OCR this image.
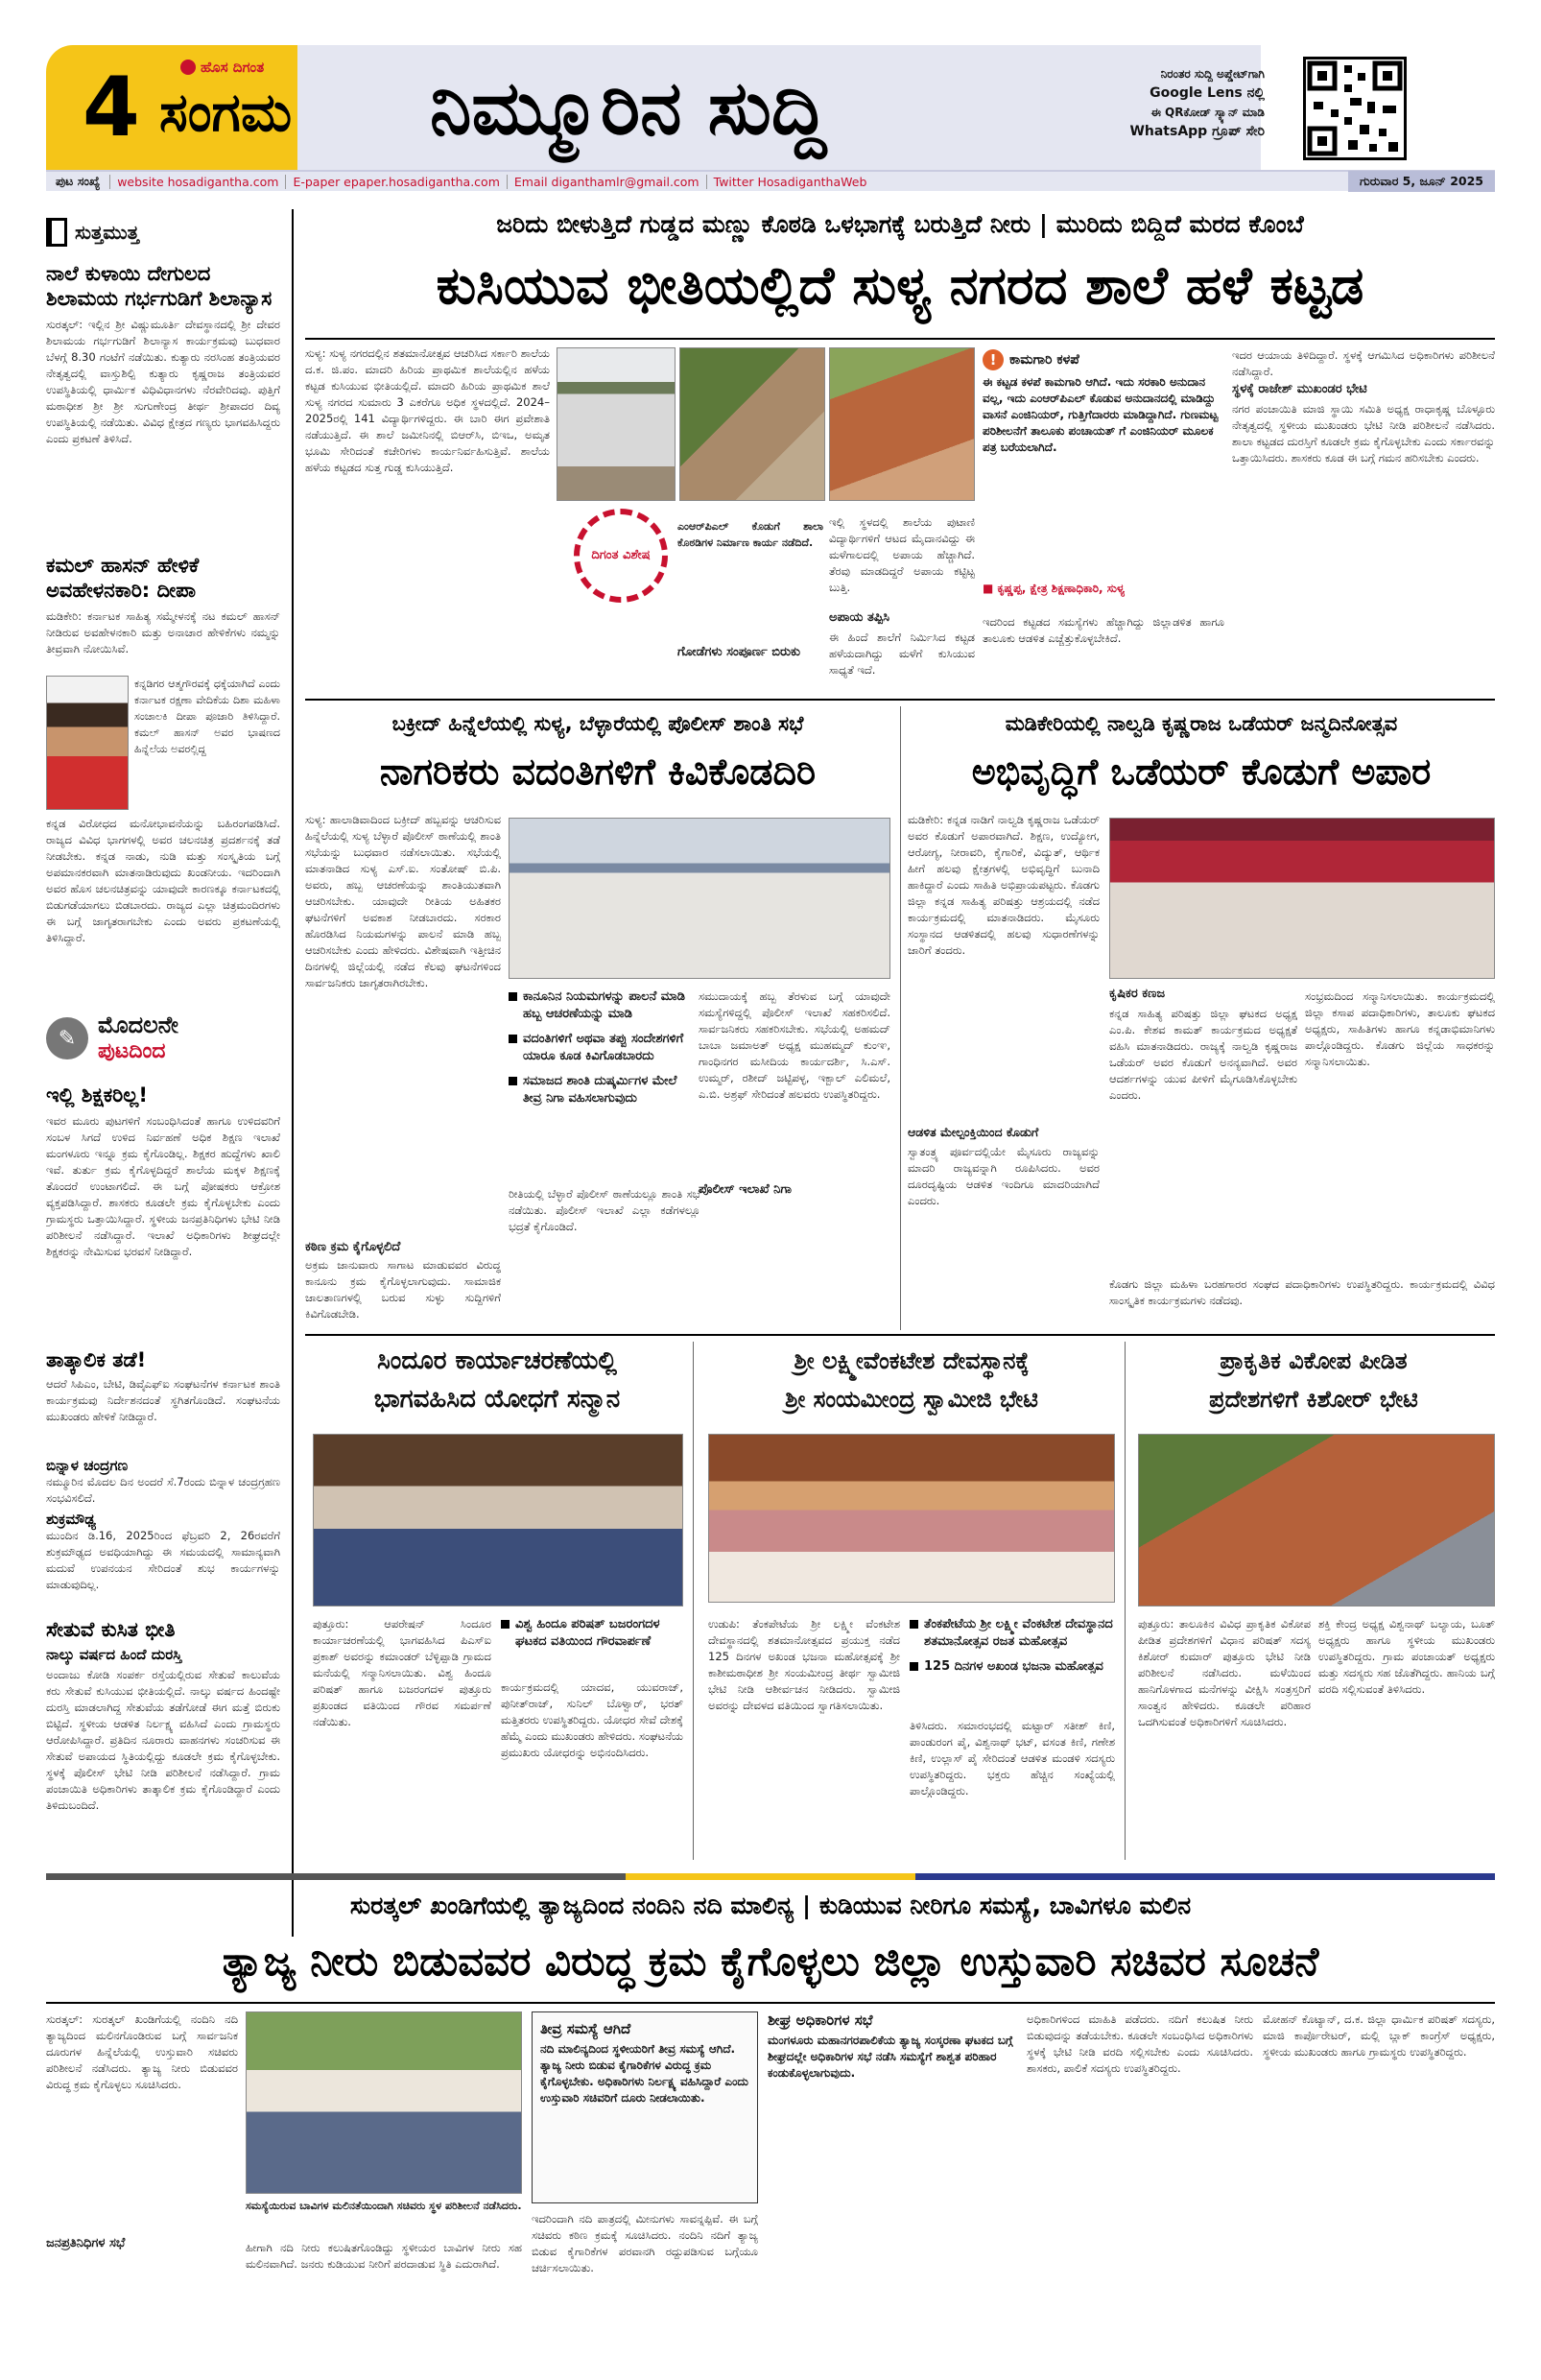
4	ಹೊಸ ದಿಗಂತ
ಸಂಗಮ ನಿಮ್ಮೂರಿನ ಸುದ್ದಿ	ನಿರಂತರ ಸುದ್ದಿ ಅಪ್ಡೇಟ್‌ಗಾಗಿ
Google Lens ನಲ್ಲಿ
ಈ QRಕೋಡ್ ಸ್ಕ್ಯಾನ್ ಮಾಡಿ
WhatsApp ಗ್ರೂಪ್ ಸೇರಿ
ಪುಟ ಸಂಖ್ಯೆ	website hosadigantha.com	E-paper epaper.hosadigantha.com	Email diganthamlr@gmail.com	Twitter HosadiganthaWeb	ಗುರುವಾರ 5, ಜೂನ್ 2025
ಸುತ್ತಮುತ್ತ
ನಾಲೆ ಕುಳಾಯಿ ದೇಗುಲದ ಶಿಲಾಮಯ ಗರ್ಭಗುಡಿಗೆ ಶಿಲಾನ್ಯಾಸ
ಸುರತ್ಕಲ್: ಇಲ್ಲಿನ ಶ್ರೀ ವಿಷ್ಣುಮೂರ್ತಿ ದೇವಸ್ಥಾನದಲ್ಲಿ ಶ್ರೀ ದೇವರ ಶಿಲಾಮಯ ಗರ್ಭಗುಡಿಗೆ ಶಿಲಾನ್ಯಾಸ ಕಾರ್ಯಕ್ರಮವು ಬುಧವಾರ ಬೆಳಗ್ಗೆ 8.30 ಗಂಟೆಗೆ ನಡೆಯಿತು. ಕುತ್ಯಾರು ನರಸಿಂಹ ತಂತ್ರಿಯವರ ನೇತೃತ್ವದಲ್ಲಿ ವಾಸ್ತುಶಿಲ್ಪಿ ಕುತ್ಯಾರು ಕೃಷ್ಣರಾಜ ತಂತ್ರಿಯವರ ಉಪಸ್ಥಿತಿಯಲ್ಲಿ ಧಾರ್ಮಿಕ ವಿಧಿವಿಧಾನಗಳು ನೆರವೇರಿದವು. ಪುತ್ತಿಗೆ ಮಠಾಧೀಶ ಶ್ರೀ ಶ್ರೀ ಸುಗುಣೇಂದ್ರ ತೀರ್ಥ ಶ್ರೀಪಾದರ ದಿವ್ಯ ಉಪಸ್ಥಿತಿಯಲ್ಲಿ ನಡೆಯಿತು. ವಿವಿಧ ಕ್ಷೇತ್ರದ ಗಣ್ಯರು ಭಾಗವಹಿಸಿದ್ದರು ಎಂದು ಪ್ರಕಟಣೆ ತಿಳಿಸಿದೆ.
ಕಮಲ್ ಹಾಸನ್ ಹೇಳಿಕೆ ಅವಹೇಳನಕಾರಿ: ದೀಪಾ
ಮಡಿಕೇರಿ: ಕರ್ನಾಟಕ ಸಾಹಿತ್ಯ ಸಮ್ಮೇಳನಕ್ಕೆ ನಟ ಕಮಲ್ ಹಾಸನ್ ನೀಡಿರುವ ಅವಹೇಳನಕಾರಿ ಮತ್ತು ಅನಾಚಾರ ಹೇಳಿಕೆಗಳು ನಮ್ಮನ್ನು ತೀವ್ರವಾಗಿ ನೋಯಿಸಿವೆ.
ಕನ್ನಡಿಗರ ಆತ್ಮಗೌರವಕ್ಕೆ ಧಕ್ಕೆಯಾಗಿದೆ ಎಂದು ಕರ್ನಾಟಕ ರಕ್ಷಣಾ ವೇದಿಕೆಯ ದಿಶಾ ಮಹಿಳಾ ಸಂಚಾಲಕಿ ದೀಪಾ ಪೂಜಾರಿ ತಿಳಿಸಿದ್ದಾರೆ. ಕಮಲ್ ಹಾಸನ್ ಅವರ ಭಾಷಣದ ಹಿನ್ನೆಲೆಯ ಅವರಲ್ಲಿದ್ದ
ಕನ್ನಡ ವಿರೋಧದ ಮನೋಭಾವನೆಯನ್ನು ಬಹಿರಂಗಪಡಿಸಿದೆ. ರಾಜ್ಯದ ವಿವಿಧ ಭಾಗಗಳಲ್ಲಿ ಅವರ ಚಲನಚಿತ್ರ ಪ್ರದರ್ಶನಕ್ಕೆ ತಡೆ ನೀಡಬೇಕು. ಕನ್ನಡ ನಾಡು, ನುಡಿ ಮತ್ತು ಸಂಸ್ಕೃತಿಯ ಬಗ್ಗೆ ಅಪಮಾನಕರವಾಗಿ ಮಾತನಾಡಿರುವುದು ಖಂಡನೀಯ. ಇದರಿಂದಾಗಿ ಅವರ ಹೊಸ ಚಲನಚಿತ್ರವನ್ನು ಯಾವುದೇ ಕಾರಣಕ್ಕೂ ಕರ್ನಾಟಕದಲ್ಲಿ ಬಿಡುಗಡೆಯಾಗಲು ಬಿಡಬಾರದು. ರಾಜ್ಯದ ಎಲ್ಲಾ ಚಿತ್ರಮಂದಿರಗಳು ಈ ಬಗ್ಗೆ ಜಾಗೃತರಾಗಬೇಕು ಎಂದು ಅವರು ಪ್ರಕಟಣೆಯಲ್ಲಿ ತಿಳಿಸಿದ್ದಾರೆ.
✎ ಮೊದಲನೇ
ಪುಟದಿಂದ
ಇಲ್ಲಿ ಶಿಕ್ಷಕರಿಲ್ಲ!
ಇವರ ಮೂರು ಪುಟಗಳಿಗೆ ಸಂಬಂಧಿಸಿದಂತೆ ಹಾಗೂ ಉಳಿದವರಿಗೆ ಸಂಬಳ ಸಿಗದೆ ಉಳಿದ ನಿರ್ವಹಣೆ ಅಧಿಕ ಶಿಕ್ಷಣ ಇಲಾಖೆ ಮಂಗಳೂರು ಇನ್ನೂ ಕ್ರಮ ಕೈಗೊಂಡಿಲ್ಲ. ಶಿಕ್ಷಕರ ಹುದ್ದೆಗಳು ಖಾಲಿ ಇವೆ. ತುರ್ತು ಕ್ರಮ ಕೈಗೊಳ್ಳದಿದ್ದರೆ ಶಾಲೆಯ ಮಕ್ಕಳ ಶಿಕ್ಷಣಕ್ಕೆ ತೊಂದರೆ ಉಂಟಾಗಲಿದೆ. ಈ ಬಗ್ಗೆ ಪೋಷಕರು ಆಕ್ರೋಶ ವ್ಯಕ್ತಪಡಿಸಿದ್ದಾರೆ. ಶಾಸಕರು ಕೂಡಲೇ ಕ್ರಮ ಕೈಗೊಳ್ಳಬೇಕು ಎಂದು ಗ್ರಾಮಸ್ಥರು ಒತ್ತಾಯಿಸಿದ್ದಾರೆ. ಸ್ಥಳೀಯ ಜನಪ್ರತಿನಿಧಿಗಳು ಭೇಟಿ ನೀಡಿ ಪರಿಶೀಲನೆ ನಡೆಸಿದ್ದಾರೆ. ಇಲಾಖೆ ಅಧಿಕಾರಿಗಳು ಶೀಘ್ರದಲ್ಲೇ ಶಿಕ್ಷಕರನ್ನು ನೇಮಿಸುವ ಭರವಸೆ ನೀಡಿದ್ದಾರೆ.
ತಾತ್ಕಾಲಿಕ ತಡೆ!
ಆದರೆ ಸಿಪಿಎಂ, ಬೇಟಿ, ಡಿವೈಎಫ್ಐ ಸಂಘಟನೆಗಳ ಕರ್ನಾಟಕ ಶಾಂತಿ ಕಾರ್ಯಕ್ರಮವು ನಿರ್ದೇಶನದಂತೆ ಸ್ಥಗಿತಗೊಂಡಿದೆ. ಸಂಘಟನೆಯ ಮುಖಂಡರು ಹೇಳಿಕೆ ನೀಡಿದ್ದಾರೆ.
ಬಿನ್ನಾಳ ಚಂದ್ರಗಣ
ನಮ್ಮೂರಿನ ಮೊದಲ ದಿನ ಅಂದರೆ ಸೆ.7ರಂದು ಬಿನ್ನಾಳ ಚಂದ್ರಗ್ರಹಣ ಸಂಭವಿಸಲಿದೆ.
ಶುಕ್ರಮೌಢ್ಯ
ಮುಂದಿನ ಡಿ.16, 2025ರಿಂದ ಫೆಬ್ರವರಿ 2, 26ರವರೆಗೆ ಶುಕ್ರಮೌಢ್ಯದ ಅವಧಿಯಾಗಿದ್ದು ಈ ಸಮಯದಲ್ಲಿ ಸಾಮಾನ್ಯವಾಗಿ ಮದುವೆ ಉಪನಯನ ಸೇರಿದಂತೆ ಶುಭ ಕಾರ್ಯಗಳನ್ನು ಮಾಡುವುದಿಲ್ಲ.
ಸೇತುವೆ ಕುಸಿತ ಭೀತಿ
ನಾಲ್ಕು ವರ್ಷದ ಹಿಂದೆ ದುರಸ್ತಿ
ಅಂದಾಜು ಕೋಡಿ ಸಂಪರ್ಕ ರಸ್ತೆಯಲ್ಲಿರುವ ಸೇತುವೆ ಕಾಲುವೆಯ ಕರು ಸೇತುವೆ ಕುಸಿಯುವ ಭೀತಿಯಲ್ಲಿದೆ. ನಾಲ್ಕು ವರ್ಷದ ಹಿಂದಷ್ಟೇ ದುರಸ್ತಿ ಮಾಡಲಾಗಿದ್ದ ಸೇತುವೆಯ ತಡೆಗೋಡೆ ಈಗ ಮತ್ತೆ ಬಿರುಕು ಬಿಟ್ಟಿದೆ. ಸ್ಥಳೀಯ ಆಡಳಿತ ನಿರ್ಲಕ್ಷ್ಯ ವಹಿಸಿದೆ ಎಂದು ಗ್ರಾಮಸ್ಥರು ಆರೋಪಿಸಿದ್ದಾರೆ. ಪ್ರತಿದಿನ ನೂರಾರು ವಾಹನಗಳು ಸಂಚರಿಸುವ ಈ ಸೇತುವೆ ಅಪಾಯದ ಸ್ಥಿತಿಯಲ್ಲಿದ್ದು ಕೂಡಲೇ ಕ್ರಮ ಕೈಗೊಳ್ಳಬೇಕು. ಸ್ಥಳಕ್ಕೆ ಪೊಲೀಸ್ ಭೇಟಿ ನೀಡಿ ಪರಿಶೀಲನೆ ನಡೆಸಿದ್ದಾರೆ. ಗ್ರಾಮ ಪಂಚಾಯಿತಿ ಅಧಿಕಾರಿಗಳು ತಾತ್ಕಾಲಿಕ ಕ್ರಮ ಕೈಗೊಂಡಿದ್ದಾರೆ ಎಂದು ತಿಳಿದುಬಂದಿದೆ.
ಜರಿದು ಬೀಳುತ್ತಿದೆ ಗುಡ್ಡದ ಮಣ್ಣು ಕೊಠಡಿ ಒಳಭಾಗಕ್ಕೆ ಬರುತ್ತಿದೆ ನೀರು | ಮುರಿದು ಬಿದ್ದಿದೆ ಮರದ ಕೊಂಬೆ
ಕುಸಿಯುವ ಭೀತಿಯಲ್ಲಿದೆ ಸುಳ್ಯ ನಗರದ ಶಾಲೆ ಹಳೆ ಕಟ್ಟಡ
ಸುಳ್ಯ: ಸುಳ್ಯ ನಗರದಲ್ಲಿನ ಶತಮಾನೋತ್ಸವ ಆಚರಿಸಿದ ಸರ್ಕಾರಿ ಶಾಲೆಯ ದ.ಕ. ಜಿ.ಪಂ. ಮಾದರಿ ಹಿರಿಯ ಪ್ರಾಥಮಿಕ ಶಾಲೆಯಲ್ಲಿನ ಹಳೆಯ ಕಟ್ಟಡ ಕುಸಿಯುವ ಭೀತಿಯಲ್ಲಿದೆ. ಮಾದರಿ ಹಿರಿಯ ಪ್ರಾಥಮಿಕ ಶಾಲೆ ಸುಳ್ಯ ನಗರದ ಸುಮಾರು 3 ಎಕರೆಗೂ ಅಧಿಕ ಸ್ಥಳದಲ್ಲಿದೆ. 2024–2025ರಲ್ಲಿ 141 ವಿದ್ಯಾರ್ಥಿಗಳಿದ್ದರು. ಈ ಬಾರಿ ಈಗ ಪ್ರವೇಶಾತಿ ನಡೆಯುತ್ತಿದೆ. ಈ ಶಾಲೆ ಜಮೀನಿನಲ್ಲಿ ಬಿಆರ್‌ಸಿ, ಬಿಇಒ, ಅಮೃತ ಭೂಮಿ ಸೇರಿದಂತೆ ಕಚೇರಿಗಳು ಕಾರ್ಯನಿರ್ವಹಿಸುತ್ತಿವೆ. ಶಾಲೆಯ ಹಳೆಯ ಕಟ್ಟಡದ ಸುತ್ತ ಗುಡ್ಡ ಕುಸಿಯುತ್ತಿದೆ.
ದಿಗಂತ ವಿಶೇಷ
ಎಂಆರ್‌ಪಿಎಲ್ ಕೊಡುಗೆ ಶಾಲಾ ಕೊಠಡಿಗಳ ನಿರ್ಮಾಣ ಕಾರ್ಯ ನಡೆದಿದೆ.
ಇಲ್ಲಿ ಸ್ಥಳದಲ್ಲಿ ಶಾಲೆಯ ಪುಟಾಣಿ ವಿದ್ಯಾರ್ಥಿಗಳಿಗೆ ಆಟದ ಮೈದಾನವಿದ್ದು ಈ ಮಳೆಗಾಲದಲ್ಲಿ ಅಪಾಯ ಹೆಚ್ಚಾಗಿದೆ. ತೆರವು ಮಾಡದಿದ್ದರೆ ಅಪಾಯ ಕಟ್ಟಿಟ್ಟ ಬುತ್ತಿ.
ಗೋಡೆಗಳು ಸಂಪೂರ್ಣ ಬಿರುಕು
ಅಪಾಯ ತಪ್ಪಿಸಿ
ಈ ಹಿಂದೆ ಶಾಲೆಗೆ ನಿರ್ಮಿಸಿದ ಕಟ್ಟಡ ಹಳೆಯದಾಗಿದ್ದು ಮಳೆಗೆ ಕುಸಿಯುವ ಸಾಧ್ಯತೆ ಇದೆ.
! ಕಾಮಗಾರಿ ಕಳಪೆ
ಈ ಕಟ್ಟಡ ಕಳಪೆ ಕಾಮಗಾರಿ ಆಗಿದೆ. ಇದು ಸರಕಾರಿ ಅನುದಾನ ವಲ್ಲ, ಇದು ಎಂಆರ್‌ಪಿಎಲ್ ಕೊಡುವ ಅನುದಾನದಲ್ಲಿ ಮಾಡಿದ್ದು ವಾಸನೆ ಎಂಜಿನಿಯರ್, ಗುತ್ತಿಗೆದಾರರು ಮಾಡಿದ್ದಾಗಿದೆ. ಗುಣಮಟ್ಟ ಪರಿಶೀಲನೆಗೆ ತಾಲೂಕು ಪಂಚಾಯತ್ ಗೆ ಎಂಜಿನಿಯರ್ ಮೂಲಕ ಪತ್ರ ಬರೆಯಲಾಗಿದೆ.
■ ಕೃಷ್ಣಪ್ಪ, ಕ್ಷೇತ್ರ ಶಿಕ್ಷಣಾಧಿಕಾರಿ, ಸುಳ್ಯ
ಇದರಿಂದ ಕಟ್ಟಡದ ಸಮಸ್ಯೆಗಳು ಹೆಚ್ಚಾಗಿದ್ದು ಜಿಲ್ಲಾಡಳಿತ ಹಾಗೂ ತಾಲೂಕು ಆಡಳಿತ ಎಚ್ಚೆತ್ತುಕೊಳ್ಳಬೇಕಿದೆ.
ಇದರ ಆಯಾಯ ತಿಳಿದಿದ್ದಾರೆ. ಸ್ಥಳಕ್ಕೆ ಆಗಮಿಸಿದ ಅಧಿಕಾರಿಗಳು ಪರಿಶೀಲನೆ ನಡೆಸಿದ್ದಾರೆ.
ಸ್ಥಳಕ್ಕೆ ರಾಜೇಶ್ ಮುಖಂಡರ ಭೇಟಿ
ನಗರ ಪಂಚಾಯಿತಿ ಮಾಜಿ ಸ್ಥಾಯಿ ಸಮಿತಿ ಅಧ್ಯಕ್ಷ ರಾಧಾಕೃಷ್ಣ ಬೊಳ್ಳೂರು ನೇತೃತ್ವದಲ್ಲಿ ಸ್ಥಳೀಯ ಮುಖಂಡರು ಭೇಟಿ ನೀಡಿ ಪರಿಶೀಲನೆ ನಡೆಸಿದರು. ಶಾಲಾ ಕಟ್ಟಡದ ದುರಸ್ತಿಗೆ ಕೂಡಲೇ ಕ್ರಮ ಕೈಗೊಳ್ಳಬೇಕು ಎಂದು ಸರ್ಕಾರವನ್ನು ಒತ್ತಾಯಿಸಿದರು. ಶಾಸಕರು ಕೂಡ ಈ ಬಗ್ಗೆ ಗಮನ ಹರಿಸಬೇಕು ಎಂದರು.
ಬಕ್ರೀದ್ ಹಿನ್ನೆಲೆಯಲ್ಲಿ ಸುಳ್ಯ, ಬೆಳ್ಳಾರೆಯಲ್ಲಿ ಪೊಲೀಸ್ ಶಾಂತಿ ಸಭೆ
ನಾಗರಿಕರು ವದಂತಿಗಳಿಗೆ ಕಿವಿಕೊಡದಿರಿ
ಸುಳ್ಯ: ಹಾಲಾಡಿವಾದಿಂದ ಬಕ್ರೀದ್ ಹಬ್ಬವನ್ನು ಆಚರಿಸುವ ಹಿನ್ನೆಲೆಯಲ್ಲಿ ಸುಳ್ಯ ಬೆಳ್ಳಾರೆ ಪೊಲೀಸ್ ಠಾಣೆಯಲ್ಲಿ ಶಾಂತಿ ಸಭೆಯನ್ನು ಬುಧವಾರ ನಡೆಸಲಾಯಿತು. ಸಭೆಯಲ್ಲಿ ಮಾತನಾಡಿದ ಸುಳ್ಯ ಎಸ್.ಐ. ಸಂತೋಷ್ ಬಿ.ಪಿ. ಅವರು, ಹಬ್ಬ ಆಚರಣೆಯನ್ನು ಶಾಂತಿಯುತವಾಗಿ ಆಚರಿಸಬೇಕು. ಯಾವುದೇ ರೀತಿಯ ಅಹಿತಕರ ಘಟನೆಗಳಿಗೆ ಅವಕಾಶ ನೀಡಬಾರದು. ಸರಕಾರ ಹೊರಡಿಸಿದ ನಿಯಮಗಳನ್ನು ಪಾಲನೆ ಮಾಡಿ ಹಬ್ಬ ಆಚರಿಸಬೇಕು ಎಂದು ಹೇಳಿದರು. ವಿಶೇಷವಾಗಿ ಇತ್ತೀಚಿನ ದಿನಗಳಲ್ಲಿ ಜಿಲ್ಲೆಯಲ್ಲಿ ನಡೆದ ಕೆಲವು ಘಟನೆಗಳಿಂದ ಸಾರ್ವಜನಿಕರು ಜಾಗೃತರಾಗಿರಬೇಕು.
ಕಾನೂನಿನ ನಿಯಮಗಳನ್ನು ಪಾಲನೆ ಮಾಡಿ ಹಬ್ಬ ಆಚರಣೆಯನ್ನು ಮಾಡಿ
ವದಂತಿಗಳಿಗೆ ಅಥವಾ ತಪ್ಪು ಸಂದೇಶಗಳಿಗೆ ಯಾರೂ ಕೂಡ ಕಿವಿಗೊಡಬಾರದು
ಸಮಾಜದ ಶಾಂತಿ ದುಷ್ಕರ್ಮಿಗಳ ಮೇಲೆ ತೀವ್ರ ನಿಗಾ ವಹಿಸಲಾಗುವುದು
ಸಮುದಾಯಕ್ಕೆ ಹಬ್ಬ ತೆರಳುವ ಬಗ್ಗೆ ಯಾವುದೇ ಸಮಸ್ಯೆಗಳಿದ್ದಲ್ಲಿ ಪೊಲೀಸ್ ಇಲಾಖೆ ಸಹಕರಿಸಲಿದೆ. ಸಾರ್ವಜನಿಕರು ಸಹಕರಿಸಬೇಕು. ಸಭೆಯಲ್ಲಿ ಅಹಮದ್ ಬಾಬಾ ಜಮಾಅತ್ ಅಧ್ಯಕ್ಷ ಮುಹಮ್ಮದ್ ಕುಂಞ, ಗಾಂಧಿನಗರ ಮಸೀದಿಯ ಕಾರ್ಯದರ್ಶಿ, ಸಿ.ಎಸ್. ಉಮ್ಮರ್, ರಶೀದ್ ಜಟ್ಟಿಪಳ್ಳ, ಇಕ್ಬಾಲ್ ಎಲಿಮಲೆ, ಎ.ಬಿ. ಅಶ್ರಫ್ ಸೇರಿದಂತೆ ಹಲವರು ಉಪಸ್ಥಿತರಿದ್ದರು.
ರೀತಿಯಲ್ಲಿ ಬೆಳ್ಳಾರೆ ಪೊಲೀಸ್ ಠಾಣೆಯಲ್ಲೂ ಶಾಂತಿ ಸಭೆ ನಡೆಯಿತು. ಪೊಲೀಸ್ ಇಲಾಖೆ ಎಲ್ಲಾ ಕಡೆಗಳಲ್ಲೂ ಭದ್ರತೆ ಕೈಗೊಂಡಿದೆ.
ಕಠಿಣ ಕ್ರಮ ಕೈಗೊಳ್ಳಲಿದೆ
ಅಕ್ರಮ ಜಾನುವಾರು ಸಾಗಾಟ ಮಾಡುವವರ ವಿರುದ್ಧ ಕಾನೂನು ಕ್ರಮ ಕೈಗೊಳ್ಳಲಾಗುವುದು. ಸಾಮಾಜಿಕ ಜಾಲತಾಣಗಳಲ್ಲಿ ಬರುವ ಸುಳ್ಳು ಸುದ್ದಿಗಳಿಗೆ ಕಿವಿಗೊಡಬೇಡಿ.
ಪೊಲೀಸ್ ಇಲಾಖೆ ನಿಗಾ
ಮಡಿಕೇರಿಯಲ್ಲಿ ನಾಲ್ವಡಿ ಕೃಷ್ಣರಾಜ ಒಡೆಯರ್ ಜನ್ಮದಿನೋತ್ಸವ
ಅಭಿವೃದ್ಧಿಗೆ ಒಡೆಯರ್ ಕೊಡುಗೆ ಅಪಾರ
ಮಡಿಕೇರಿ: ಕನ್ನಡ ನಾಡಿಗೆ ನಾಲ್ವಡಿ ಕೃಷ್ಣರಾಜ ಒಡೆಯರ್ ಅವರ ಕೊಡುಗೆ ಅಪಾರವಾಗಿದೆ. ಶಿಕ್ಷಣ, ಉದ್ಯೋಗ, ಆರೋಗ್ಯ, ನೀರಾವರಿ, ಕೈಗಾರಿಕೆ, ವಿದ್ಯುತ್, ಆರ್ಥಿಕ ಹೀಗೆ ಹಲವು ಕ್ಷೇತ್ರಗಳಲ್ಲಿ ಅಭಿವೃದ್ಧಿಗೆ ಬುನಾದಿ ಹಾಕಿದ್ದಾರೆ ಎಂದು ಸಾಹಿತಿ ಅಭಿಪ್ರಾಯಪಟ್ಟರು. ಕೊಡಗು ಜಿಲ್ಲಾ ಕನ್ನಡ ಸಾಹಿತ್ಯ ಪರಿಷತ್ತು ಆಶ್ರಯದಲ್ಲಿ ನಡೆದ ಕಾರ್ಯಕ್ರಮದಲ್ಲಿ ಮಾತನಾಡಿದರು. ಮೈಸೂರು ಸಂಸ್ಥಾನದ ಆಡಳಿತದಲ್ಲಿ ಹಲವು ಸುಧಾರಣೆಗಳನ್ನು ಜಾರಿಗೆ ತಂದರು.
ಆಡಳಿತ ಮೇಲ್ಪಂಕ್ತಿಯಿಂದ ಕೊಡುಗೆ
ಸ್ವಾತಂತ್ರ್ಯ ಪೂರ್ವದಲ್ಲಿಯೇ ಮೈಸೂರು ರಾಜ್ಯವನ್ನು ಮಾದರಿ ರಾಜ್ಯವನ್ನಾಗಿ ರೂಪಿಸಿದರು. ಅವರ ದೂರದೃಷ್ಟಿಯ ಆಡಳಿತ ಇಂದಿಗೂ ಮಾದರಿಯಾಗಿದೆ ಎಂದರು.
ಕೃಷಿಕರ ಕಣಜ
ಕನ್ನಡ ಸಾಹಿತ್ಯ ಪರಿಷತ್ತು ಜಿಲ್ಲಾ ಘಟಕದ ಅಧ್ಯಕ್ಷ ಎಂ.ಪಿ. ಕೇಶವ ಕಾಮತ್ ಕಾರ್ಯಕ್ರಮದ ಅಧ್ಯಕ್ಷತೆ ವಹಿಸಿ ಮಾತನಾಡಿದರು. ರಾಜ್ಯಕ್ಕೆ ನಾಲ್ವಡಿ ಕೃಷ್ಣರಾಜ ಒಡೆಯರ್ ಅವರ ಕೊಡುಗೆ ಅನನ್ಯವಾಗಿದೆ. ಅವರ ಆದರ್ಶಗಳನ್ನು ಯುವ ಪೀಳಿಗೆ ಮೈಗೂಡಿಸಿಕೊಳ್ಳಬೇಕು ಎಂದರು.
ಸಂಭ್ರಮದಿಂದ ಸನ್ಮಾನಿಸಲಾಯಿತು. ಕಾರ್ಯಕ್ರಮದಲ್ಲಿ ಜಿಲ್ಲಾ ಕಸಾಪ ಪದಾಧಿಕಾರಿಗಳು, ತಾಲೂಕು ಘಟಕದ ಅಧ್ಯಕ್ಷರು, ಸಾಹಿತಿಗಳು ಹಾಗೂ ಕನ್ನಡಾಭಿಮಾನಿಗಳು ಪಾಲ್ಗೊಂಡಿದ್ದರು. ಕೊಡಗು ಜಿಲ್ಲೆಯ ಸಾಧಕರನ್ನು ಸನ್ಮಾನಿಸಲಾಯಿತು.
ಕೊಡಗು ಜಿಲ್ಲಾ ಮಹಿಳಾ ಬರಹಗಾರರ ಸಂಘದ ಪದಾಧಿಕಾರಿಗಳು ಉಪಸ್ಥಿತರಿದ್ದರು. ಕಾರ್ಯಕ್ರಮದಲ್ಲಿ ವಿವಿಧ ಸಾಂಸ್ಕೃತಿಕ ಕಾರ್ಯಕ್ರಮಗಳು ನಡೆದವು.
ಸಿಂದೂರ ಕಾರ್ಯಾಚರಣೆಯಲ್ಲಿ
ಭಾಗವಹಿಸಿದ ಯೋಧಗೆ ಸನ್ಮಾನ
ಪುತ್ತೂರು: ಆಪರೇಷನ್ ಸಿಂದೂರ ಕಾರ್ಯಾಚರಣೆಯಲ್ಲಿ ಭಾಗವಹಿಸಿದ ಪಿಎಸ್ಐ ಪ್ರಕಾಶ್ ಅವರನ್ನು ಕಮಾಂಡರ್ ಬೆಳ್ಳಿಪ್ಪಾಡಿ ಗ್ರಾಮದ ಮನೆಯಲ್ಲಿ ಸನ್ಮಾನಿಸಲಾಯಿತು. ವಿಶ್ವ ಹಿಂದೂ ಪರಿಷತ್ ಹಾಗೂ ಬಜರಂಗದಳ ಪುತ್ತೂರು ಪ್ರಖಂಡದ ವತಿಯಿಂದ ಗೌರವ ಸಮರ್ಪಣೆ ನಡೆಯಿತು.
ವಿಶ್ವ ಹಿಂದೂ ಪರಿಷತ್ ಬಜರಂಗದಳ ಘಟಕದ ವತಿಯಿಂದ ಗೌರವಾರ್ಪಣೆ
ಕಾರ್ಯಕ್ರಮದಲ್ಲಿ ಯಾದವ, ಯುವರಾಜ್, ಪುನೀತ್‌ರಾಜ್, ಸುನಿಲ್ ಬೊಳ್ವಾರ್, ಭರತ್ ಮತ್ತಿತರರು ಉಪಸ್ಥಿತರಿದ್ದರು. ಯೋಧರ ಸೇವೆ ದೇಶಕ್ಕೆ ಹೆಮ್ಮೆ ಎಂದು ಮುಖಂಡರು ಹೇಳಿದರು. ಸಂಘಟನೆಯ ಪ್ರಮುಖರು ಯೋಧರನ್ನು ಅಭಿನಂದಿಸಿದರು.
ಶ್ರೀ ಲಕ್ಷ್ಮೀವೆಂಕಟೇಶ ದೇವಸ್ಥಾನಕ್ಕೆ
ಶ್ರೀ ಸಂಯಮೀಂದ್ರ ಸ್ವಾಮೀಜಿ ಭೇಟಿ
ಉಡುಪಿ: ತೆಂಕಪೇಟೆಯ ಶ್ರೀ ಲಕ್ಷ್ಮೀ ವೆಂಕಟೇಶ ದೇವಸ್ಥಾನದಲ್ಲಿ ಶತಮಾನೋತ್ಸವದ ಪ್ರಯುಕ್ತ ನಡೆದ 125 ದಿನಗಳ ಅಖಂಡ ಭಜನಾ ಮಹೋತ್ಸವಕ್ಕೆ ಶ್ರೀ ಕಾಶೀಮಠಾಧೀಶ ಶ್ರೀ ಸಂಯಮೀಂದ್ರ ತೀರ್ಥ ಸ್ವಾಮೀಜಿ ಭೇಟಿ ನೀಡಿ ಆಶೀರ್ವಚನ ನೀಡಿದರು. ಸ್ವಾಮೀಜಿ ಅವರನ್ನು ದೇವಳದ ವತಿಯಿಂದ ಸ್ವಾಗತಿಸಲಾಯಿತು.
ತೆಂಕಪೇಟೆಯ ಶ್ರೀ ಲಕ್ಷ್ಮೀ ವೆಂಕಟೇಶ ದೇವಸ್ಥಾನದ ಶತಮಾನೋತ್ಸವ ರಜತ ಮಹೋತ್ಸವ
125 ದಿನಗಳ ಅಖಂಡ ಭಜನಾ ಮಹೋತ್ಸವ
ತಿಳಿಸಿದರು. ಸಮಾರಂಭದಲ್ಲಿ ಮಟ್ಟಾರ್ ಸತೀಶ್ ಕಿಣಿ, ಪಾಂಡುರಂಗ ಪೈ, ವಿಶ್ವನಾಥ್ ಭಟ್, ವಸಂತ ಕಿಣಿ, ಗಣೇಶ ಕಿಣಿ, ಉಲ್ಲಾಸ್ ಪೈ ಸೇರಿದಂತೆ ಆಡಳಿತ ಮಂಡಳಿ ಸದಸ್ಯರು ಉಪಸ್ಥಿತರಿದ್ದರು. ಭಕ್ತರು ಹೆಚ್ಚಿನ ಸಂಖ್ಯೆಯಲ್ಲಿ ಪಾಲ್ಗೊಂಡಿದ್ದರು.
ಪ್ರಾಕೃತಿಕ ವಿಕೋಪ ಪೀಡಿತ
ಪ್ರದೇಶಗಳಿಗೆ ಕಿಶೋರ್ ಭೇಟಿ
ಪುತ್ತೂರು: ತಾಲೂಕಿನ ವಿವಿಧ ಪ್ರಾಕೃತಿಕ ವಿಕೋಪ ಪೀಡಿತ ಪ್ರದೇಶಗಳಿಗೆ ವಿಧಾನ ಪರಿಷತ್ ಸದಸ್ಯ ಕಿಶೋರ್ ಕುಮಾರ್ ಪುತ್ತೂರು ಭೇಟಿ ನೀಡಿ ಪರಿಶೀಲನೆ ನಡೆಸಿದರು. ಮಳೆಯಿಂದ ಹಾನಿಗೊಳಗಾದ ಮನೆಗಳನ್ನು ವೀಕ್ಷಿಸಿ ಸಂತ್ರಸ್ತರಿಗೆ ಸಾಂತ್ವನ ಹೇಳಿದರು. ಕೂಡಲೇ ಪರಿಹಾರ ಒದಗಿಸುವಂತೆ ಅಧಿಕಾರಿಗಳಿಗೆ ಸೂಚಿಸಿದರು.
ಶಕ್ತಿ ಕೇಂದ್ರ ಅಧ್ಯಕ್ಷ ವಿಶ್ವನಾಥ್ ಬಲ್ಯಾಯ, ಬೂತ್ ಅಧ್ಯಕ್ಷರು ಹಾಗೂ ಸ್ಥಳೀಯ ಮುಖಂಡರು ಉಪಸ್ಥಿತರಿದ್ದರು. ಗ್ರಾಮ ಪಂಚಾಯತ್ ಅಧ್ಯಕ್ಷರು ಮತ್ತು ಸದಸ್ಯರು ಸಹ ಜೊತೆಗಿದ್ದರು. ಹಾನಿಯ ಬಗ್ಗೆ ವರದಿ ಸಲ್ಲಿಸುವಂತೆ ತಿಳಿಸಿದರು.
ಸುರತ್ಕಲ್ ಖಂಡಿಗೆಯಲ್ಲಿ ತ್ಯಾಜ್ಯದಿಂದ ನಂದಿನಿ ನದಿ ಮಾಲಿನ್ಯ | ಕುಡಿಯುವ ನೀರಿಗೂ ಸಮಸ್ಯೆ, ಬಾವಿಗಳೂ ಮಲಿನ
ತ್ಯಾಜ್ಯ ನೀರು ಬಿಡುವವರ ವಿರುದ್ಧ ಕ್ರಮ ಕೈಗೊಳ್ಳಲು ಜಿಲ್ಲಾ ಉಸ್ತುವಾರಿ ಸಚಿವರ ಸೂಚನೆ
ಸುರತ್ಕಲ್: ಸುರತ್ಕಲ್ ಖಂಡಿಗೆಯಲ್ಲಿ ನಂದಿನಿ ನದಿ ತ್ಯಾಜ್ಯದಿಂದ ಮಲಿನಗೊಂಡಿರುವ ಬಗ್ಗೆ ಸಾರ್ವಜನಿಕ ದೂರುಗಳ ಹಿನ್ನೆಲೆಯಲ್ಲಿ ಉಸ್ತುವಾರಿ ಸಚಿವರು ಪರಿಶೀಲನೆ ನಡೆಸಿದರು. ತ್ಯಾಜ್ಯ ನೀರು ಬಿಡುವವರ ವಿರುದ್ಧ ಕ್ರಮ ಕೈಗೊಳ್ಳಲು ಸೂಚಿಸಿದರು.
ಜನಪ್ರತಿನಿಧಿಗಳ ಸಭೆ
ಸಮಸ್ಯೆಯಿರುವ ಬಾವಿಗಳ ಮಲಿನತೆಯಿಂದಾಗಿ ಸಚಿವರು ಸ್ಥಳ ಪರಿಶೀಲನೆ ನಡೆಸಿದರು.
ಹೀಗಾಗಿ ನದಿ ನೀರು ಕಲುಷಿತಗೊಂಡಿದ್ದು ಸ್ಥಳೀಯರ ಬಾವಿಗಳ ನೀರು ಸಹ ಮಲಿನವಾಗಿದೆ. ಜನರು ಕುಡಿಯುವ ನೀರಿಗೆ ಪರದಾಡುವ ಸ್ಥಿತಿ ಎದುರಾಗಿದೆ.
ತೀವ್ರ ಸಮಸ್ಯೆ ಆಗಿದೆ
ನದಿ ಮಾಲಿನ್ಯದಿಂದ ಸ್ಥಳೀಯರಿಗೆ ತೀವ್ರ ಸಮಸ್ಯೆ ಆಗಿದೆ. ತ್ಯಾಜ್ಯ ನೀರು ಬಿಡುವ ಕೈಗಾರಿಕೆಗಳ ವಿರುದ್ಧ ಕ್ರಮ ಕೈಗೊಳ್ಳಬೇಕು. ಅಧಿಕಾರಿಗಳು ನಿರ್ಲಕ್ಷ್ಯ ವಹಿಸಿದ್ದಾರೆ ಎಂದು ಉಸ್ತುವಾರಿ ಸಚಿವರಿಗೆ ದೂರು ನೀಡಲಾಯಿತು.
ಇದರಿಂದಾಗಿ ನದಿ ಪಾತ್ರದಲ್ಲಿ ಮೀನುಗಳು ಸಾವನ್ನಪ್ಪಿವೆ. ಈ ಬಗ್ಗೆ ಸಚಿವರು ಕಠಿಣ ಕ್ರಮಕ್ಕೆ ಸೂಚಿಸಿದರು. ನಂದಿನಿ ನದಿಗೆ ತ್ಯಾಜ್ಯ ಬಿಡುವ ಕೈಗಾರಿಕೆಗಳ ಪರವಾನಗಿ ರದ್ದುಪಡಿಸುವ ಬಗ್ಗೆಯೂ ಚರ್ಚಿಸಲಾಯಿತು.
ಶೀಘ್ರ ಅಧಿಕಾರಿಗಳ ಸಭೆ
ಮಂಗಳೂರು ಮಹಾನಗರಪಾಲಿಕೆಯ ತ್ಯಾಜ್ಯ ಸಂಸ್ಕರಣಾ ಘಟಕದ ಬಗ್ಗೆ ಶೀಘ್ರದಲ್ಲೇ ಅಧಿಕಾರಿಗಳ ಸಭೆ ನಡೆಸಿ ಸಮಸ್ಯೆಗೆ ಶಾಶ್ವತ ಪರಿಹಾರ ಕಂಡುಕೊಳ್ಳಲಾಗುವುದು.
ಅಧಿಕಾರಿಗಳಿಂದ ಮಾಹಿತಿ ಪಡೆದರು. ನದಿಗೆ ಕಲುಷಿತ ನೀರು ಬಿಡುವುದನ್ನು ತಡೆಯಬೇಕು. ಕೂಡಲೇ ಸಂಬಂಧಿಸಿದ ಅಧಿಕಾರಿಗಳು ಸ್ಥಳಕ್ಕೆ ಭೇಟಿ ನೀಡಿ ವರದಿ ಸಲ್ಲಿಸಬೇಕು ಎಂದು ಸೂಚಿಸಿದರು. ಶಾಸಕರು, ಪಾಲಿಕೆ ಸದಸ್ಯರು ಉಪಸ್ಥಿತರಿದ್ದರು.
ಮೋಹನ್ ಕೊಟ್ಯಾನ್, ದ.ಕ. ಜಿಲ್ಲಾ ಧಾರ್ಮಿಕ ಪರಿಷತ್ ಸದಸ್ಯರು, ಮಾಜಿ ಕಾರ್ಪೊರೇಟರ್, ಮಲ್ಲಿ ಬ್ಲಾಕ್ ಕಾಂಗ್ರೆಸ್ ಅಧ್ಯಕ್ಷರು, ಸ್ಥಳೀಯ ಮುಖಂಡರು ಹಾಗೂ ಗ್ರಾಮಸ್ಥರು ಉಪಸ್ಥಿತರಿದ್ದರು.
